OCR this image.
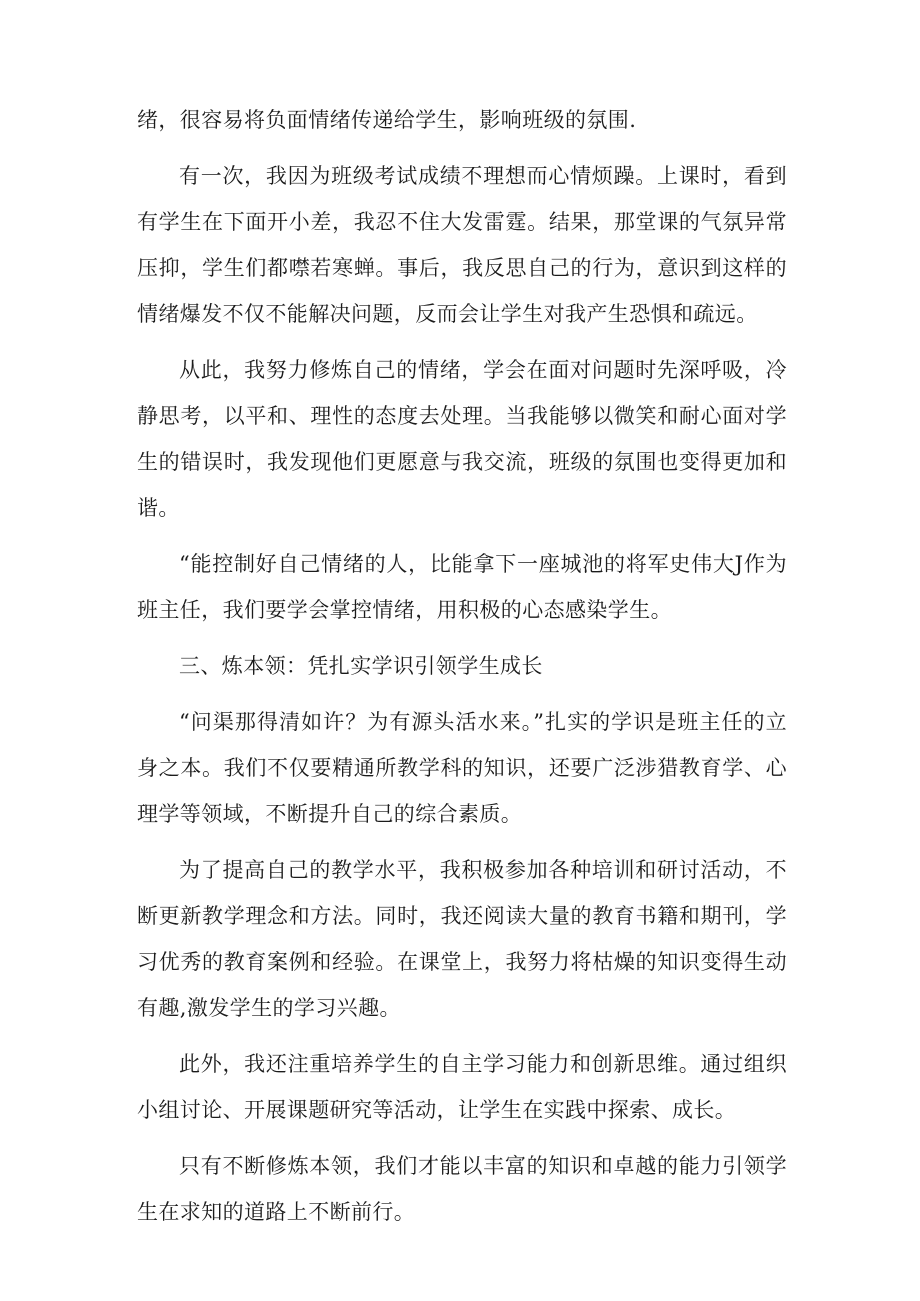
绪，很容易将负面情绪传递给学生，影响班级的氛围.

有一次，我因为班级考试成绩不理想而心情烦躁。上课时，看到有学生在下面开小差，我忍不住大发雷霆。结果，那堂课的气氛异常压抑，学生们都噤若寒蝉。事后，我反思自己的行为，意识到这样的情绪爆发不仅不能解决问题，反而会让学生对我产生恐惧和疏远。

从此，我努力修炼自己的情绪，学会在面对问题时先深呼吸，冷静思考，以平和、理性的态度去处理。当我能够以微笑和耐心面对学生的错误时，我发现他们更愿意与我交流，班级的氛围也变得更加和谐。

“能控制好自己情绪的人，比能拿下一座城池的将军史伟大J作为班主任，我们要学会掌控情绪，用积极的心态感染学生。

三、炼本领：凭扎实学识引领学生成长

“问渠那得清如许？为有源头活水来。”扎实的学识是班主任的立身之本。我们不仅要精通所教学科的知识，还要广泛涉猎教育学、心理学等领域，不断提升自己的综合素质。

为了提高自己的教学水平，我积极参加各种培训和研讨活动，不断更新教学理念和方法。同时，我还阅读大量的教育书籍和期刊，学习优秀的教育案例和经验。在课堂上，我努力将枯燥的知识变得生动有趣,激发学生的学习兴趣。

此外，我还注重培养学生的自主学习能力和创新思维。通过组织小组讨论、开展课题研究等活动，让学生在实践中探索、成长。

只有不断修炼本领，我们才能以丰富的知识和卓越的能力引领学生在求知的道路上不断前行。
